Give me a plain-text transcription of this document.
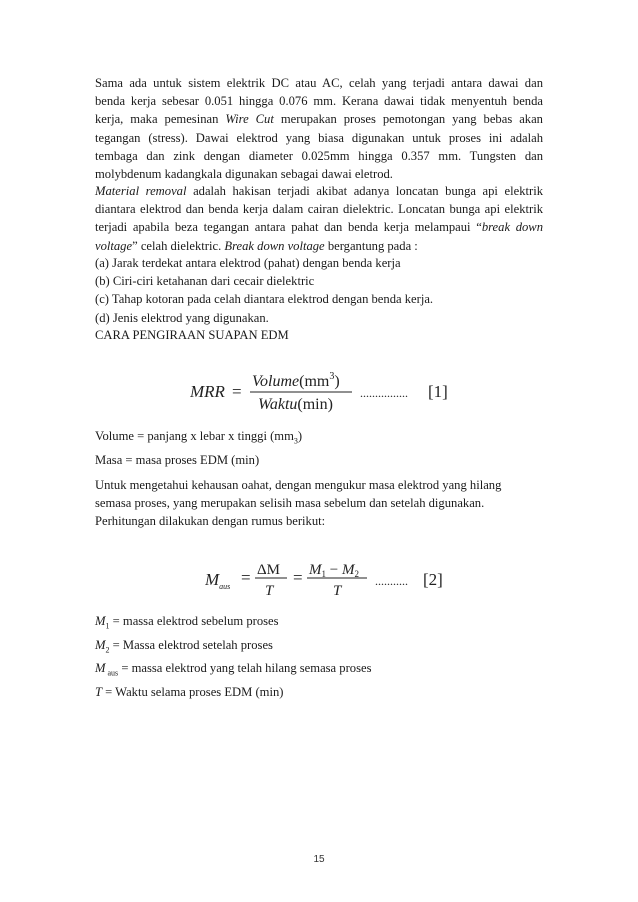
Sama ada untuk sistem elektrik DC atau AC, celah yang terjadi antara dawai dan
benda kerja sebesar 0.051 hingga 0.076 mm. Kerana dawai tidak menyentuh benda
kerja, maka pemesinan Wire Cut merupakan proses pemotongan yang bebas akan
tegangan (stress). Dawai elektrod yang biasa digunakan untuk proses ini adalah
tembaga dan zink dengan diameter 0.025mm hingga 0.357 mm. Tungsten dan
molybdenum kadangkala digunakan sebagai dawai eletrod.
Material removal adalah hakisan terjadi akibat adanya loncatan bunga api elektrik
diantara elektrod dan benda kerja dalam cairan dielektric. Loncatan bunga api elektrik
terjadi apabila beza tegangan antara pahat dan benda kerja melampaui “break down
voltage” celah dielektric. Break down voltage bergantung pada :
(a) Jarak terdekat antara elektrod (pahat) dengan benda kerja
(b) Ciri-ciri ketahanan dari cecair dielektric
(c) Tahap kotoran pada celah diantara elektrod dengan benda kerja.
(d) Jenis elektrod yang digunakan.
CARA PENGIRAAN SUAPAN EDM
MRR =
$Volume(mm^3)$
Waktu(min)
................ [1]
Volume = panjang x lebar x tinggi $(mm_3)$
Masa = masa proses EDM (min)
Untuk mengetahui kehausan oahat, dengan mengukur masa elektrod yang hilang
semasa proses, yang merupakan selisih masa sebelum dan setelah digunakan.
Perhitungan dilakukan dengan rumus berikut:
$M_{aus} = \Delta M$
T
= $M_1 - M_2$
T
........... [2]
$M_1$ = massa elektrod sebelum proses
$M_2$ = Massa elektrod setelah proses
M $_{aus}$ = massa elektrod yang telah hilang semasa proses
T = Waktu selama proses EDM (min)
15
